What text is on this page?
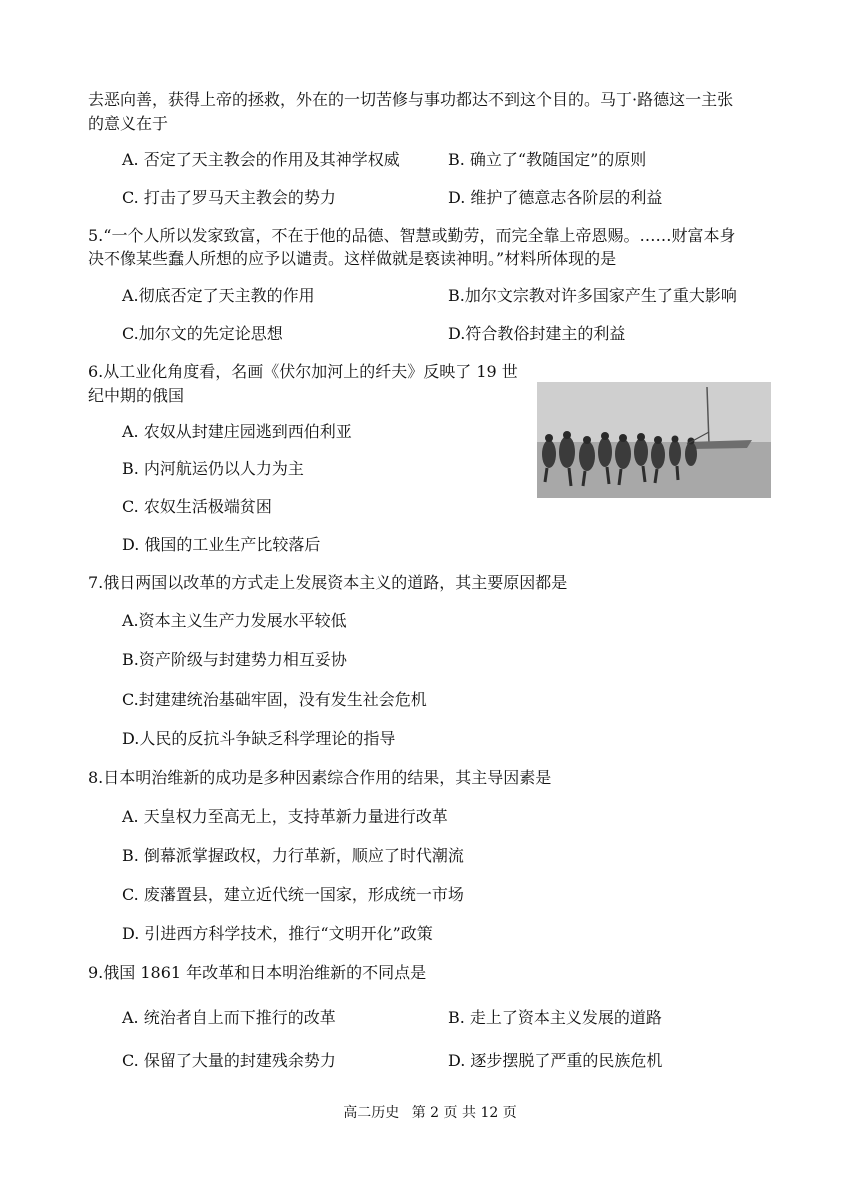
去恶向善，获得上帝的拯救，外在的一切苦修与事功都达不到这个目的。马丁·路德这一主张
的意义在于
A. 否定了天主教会的作用及其神学权威	B. 确立了“教随国定”的原则
C. 打击了罗马天主教会的势力	D. 维护了德意志各阶层的利益
5.“一个人所以发家致富，不在于他的品德、智慧或勤劳，而完全靠上帝恩赐。……财富本身
决不像某些蠢人所想的应予以谴责。这样做就是亵读神明。”材料所体现的是
A.彻底否定了天主教的作用	B.加尔文宗教对许多国家产生了重大影响
C.加尔文的先定论思想	D.符合教俗封建主的利益
6.从工业化角度看，名画《伏尔加河上的纤夫》反映了 19 世
纪中期的俄国
A. 农奴从封建庄园逃到西伯利亚
B. 内河航运仍以人力为主
C. 农奴生活极端贫困
D. 俄国的工业生产比较落后
7.俄日两国以改革的方式走上发展资本主义的道路，其主要原因都是
A.资本主义生产力发展水平较低
B.资产阶级与封建势力相互妥协
C.封建建统治基础牢固，没有发生社会危机
D.人民的反抗斗争缺乏科学理论的指导
8.日本明治维新的成功是多种因素综合作用的结果，其主导因素是
A. 天皇权力至高无上，支持革新力量进行改革
B. 倒幕派掌握政权，力行革新，顺应了时代潮流
C. 废藩置县，建立近代统一国家，形成统一市场
D. 引进西方科学技术，推行“文明开化”政策
9.俄国 1861 年改革和日本明治维新的不同点是
A. 统治者自上而下推行的改革	B. 走上了资本主义发展的道路
C. 保留了大量的封建残余势力	D. 逐步摆脱了严重的民族危机
高二历史 第 2 页 共 12 页
